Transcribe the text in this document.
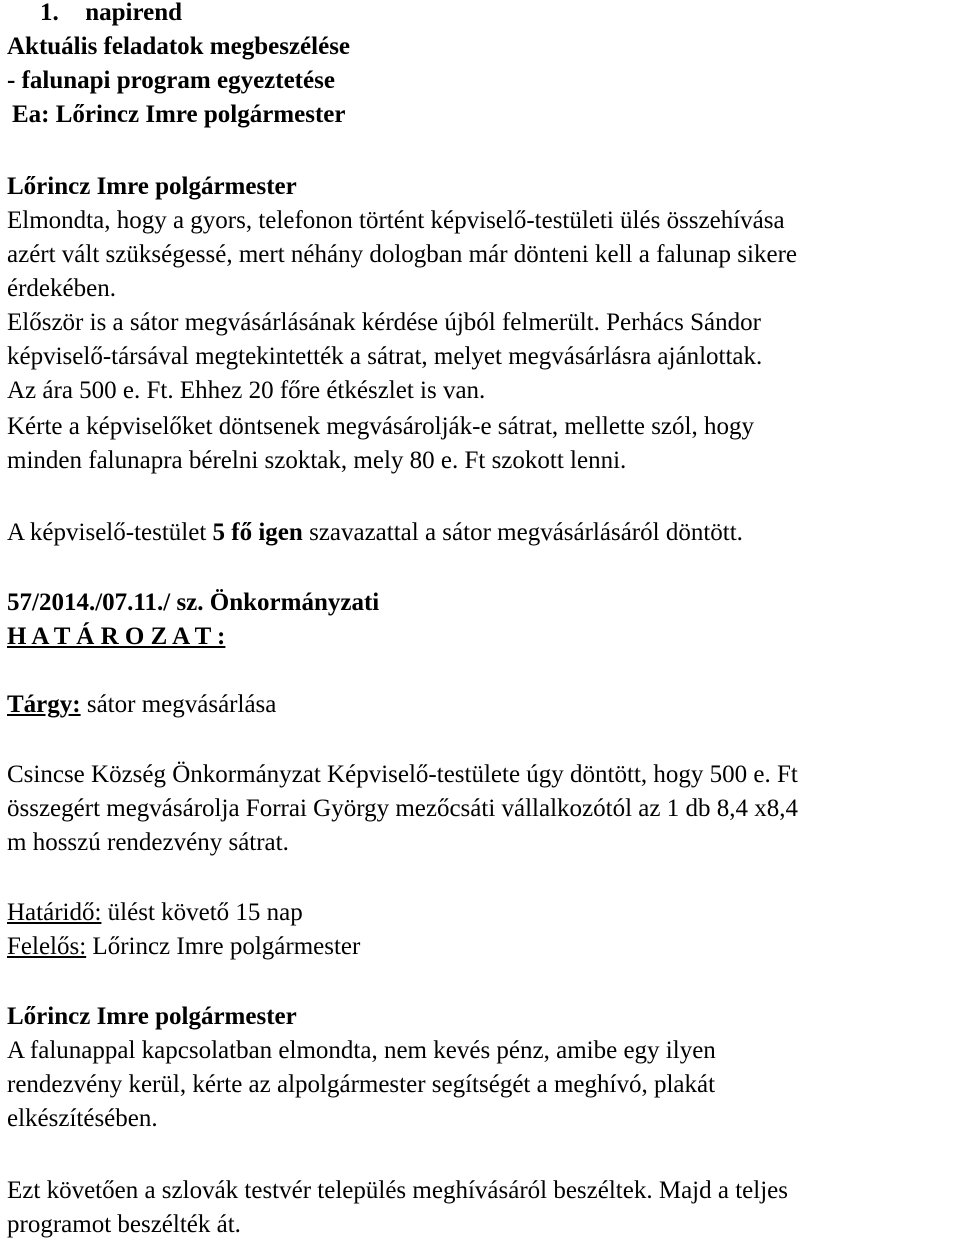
1. napirend
Aktuális feladatok megbeszélése
- falunapi program egyeztetése
Ea: Lőrincz Imre polgármester
Lőrincz Imre polgármester
Elmondta, hogy a gyors, telefonon történt képviselő-testületi ülés összehívása
azért vált szükségessé, mert néhány dologban már dönteni kell a falunap sikere
érdekében.
Először is a sátor megvásárlásának kérdése újból felmerült. Perhács Sándor
képviselő-társával megtekintették a sátrat, melyet megvásárlásra ajánlottak.
Az ára 500 e. Ft. Ehhez 20 főre étkészlet is van.
Kérte a képviselőket döntsenek megvásárolják-e sátrat, mellette szól, hogy
minden falunapra bérelni szoktak, mely 80 e. Ft szokott lenni.
A képviselő-testület 5 fő igen szavazattal a sátor megvásárlásáról döntött.
57/2014./07.11./ sz. Önkormányzati
H A T Á R O Z A T :
Tárgy: sátor megvásárlása
Csincse Község Önkormányzat Képviselő-testülete úgy döntött, hogy 500 e. Ft
összegért megvásárolja Forrai György mezőcsáti vállalkozótól az 1 db 8,4 x8,4
m hosszú rendezvény sátrat.
Határidő: ülést követő 15 nap
Felelős: Lőrincz Imre polgármester
Lőrincz Imre polgármester
A falunappal kapcsolatban elmondta, nem kevés pénz, amibe egy ilyen
rendezvény kerül, kérte az alpolgármester segítségét a meghívó, plakát
elkészítésében.
Ezt követően a szlovák testvér település meghívásáról beszéltek. Majd a teljes
programot beszélték át.
